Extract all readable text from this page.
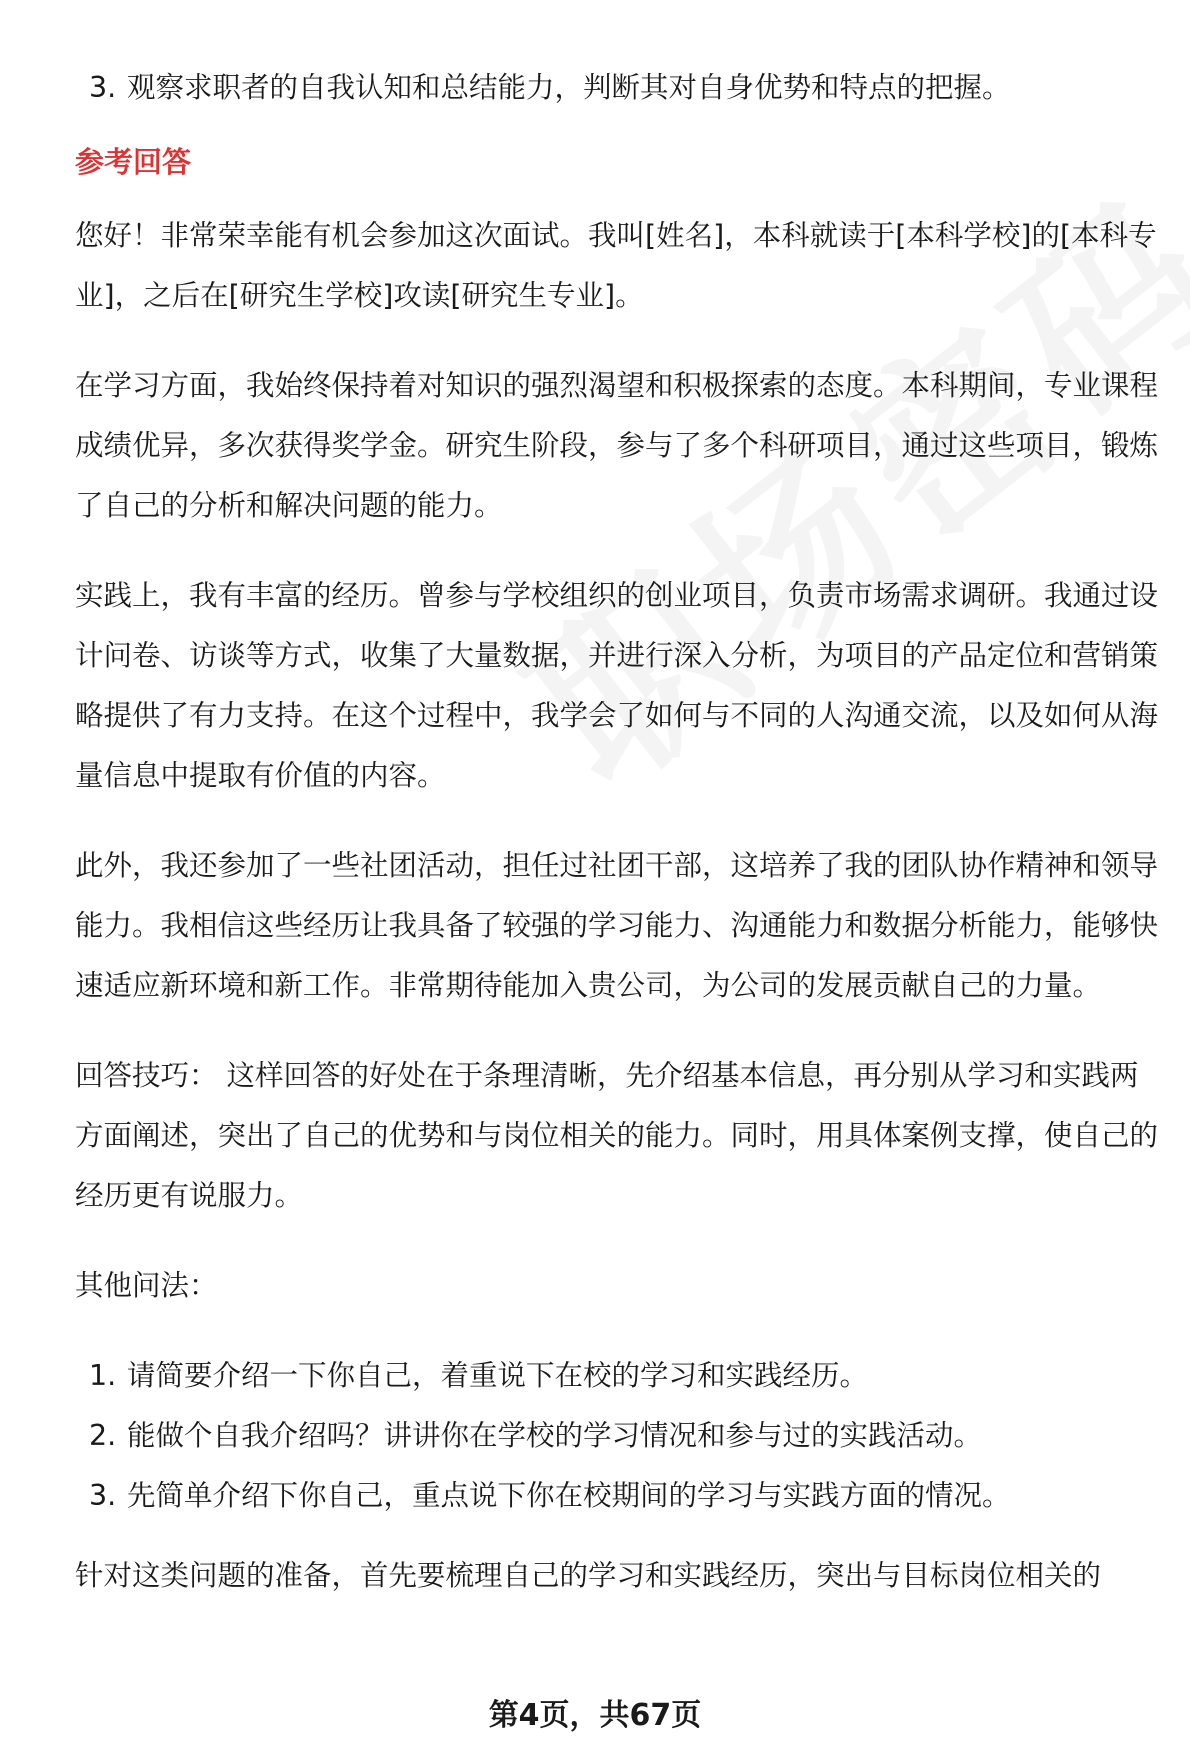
3. 观察求职者的自我认知和总结能力，判断其对自身优势和特点的把握。
参考回答

您好！非常荣幸能有机会参加这次面试。我叫[姓名]，本科就读于[本科学校]的[本科专业]，之后在[研究生学校]攻读[研究生专业]。

在学习方面，我始终保持着对知识的强烈渴望和积极探索的态度。本科期间，专业课程成绩优异，多次获得奖学金。研究生阶段，参与了多个科研项目，通过这些项目，锻炼了自己的分析和解决问题的能力。

实践上，我有丰富的经历。曾参与学校组织的创业项目，负责市场需求调研。我通过设计问卷、访谈等方式，收集了大量数据，并进行深入分析，为项目的产品定位和营销策略提供了有力支持。在这个过程中，我学会了如何与不同的人沟通交流，以及如何从海量信息中提取有价值的内容。

此外，我还参加了一些社团活动，担任过社团干部，这培养了我的团队协作精神和领导能力。我相信这些经历让我具备了较强的学习能力、沟通能力和数据分析能力，能够快速适应新环境和新工作。非常期待能加入贵公司，为公司的发展贡献自己的力量。

回答技巧： 这样回答的好处在于条理清晰，先介绍基本信息，再分别从学习和实践两方面阐述，突出了自己的优势和与岗位相关的能力。同时，用具体案例支撑，使自己的经历更有说服力。

其他问法：

1. 请简要介绍一下你自己，着重说下在校的学习和实践经历。
2. 能做个自我介绍吗？讲讲你在学校的学习情况和参与过的实践活动。
3. 先简单介绍下你自己，重点说下你在校期间的学习与实践方面的情况。

针对这类问题的准备，首先要梳理自己的学习和实践经历，突出与目标岗位相关的

第4页，共67页
